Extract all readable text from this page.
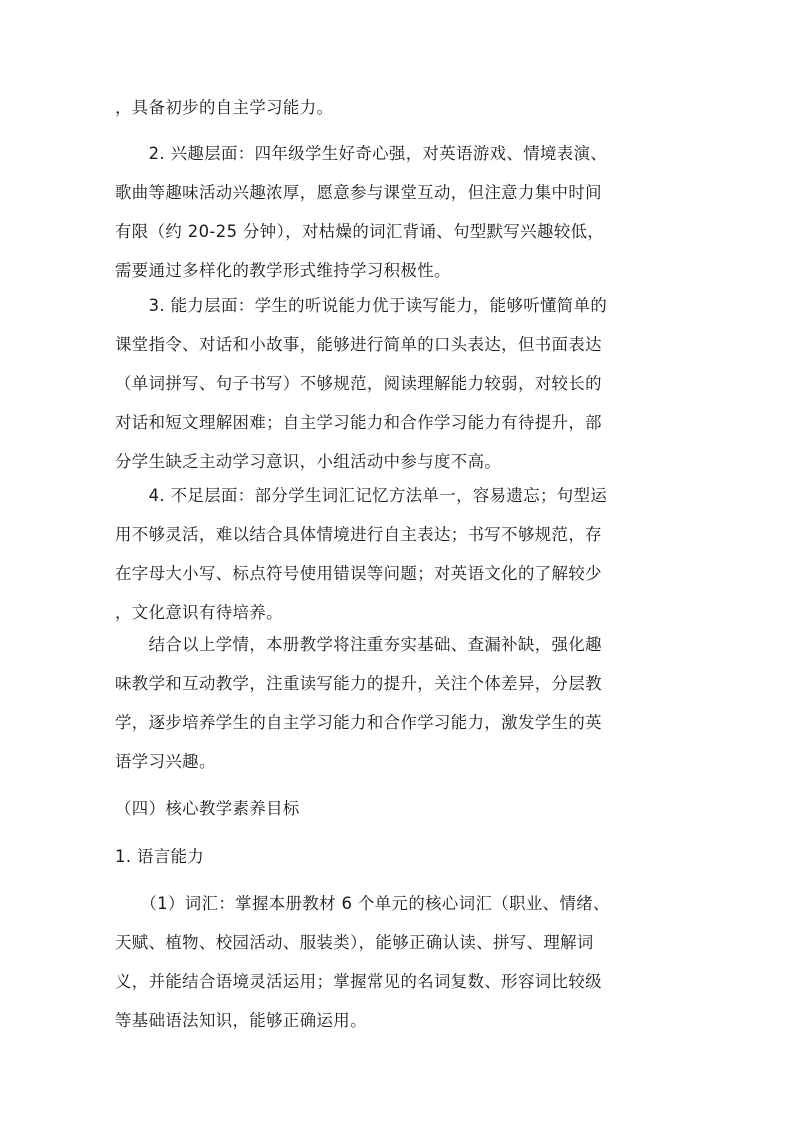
，具备初步的自主学习能力。
　　2. 兴趣层面：四年级学生好奇心强，对英语游戏、情境表演、
歌曲等趣味活动兴趣浓厚，愿意参与课堂互动，但注意力集中时间
有限（约 20-25 分钟），对枯燥的词汇背诵、句型默写兴趣较低，
需要通过多样化的教学形式维持学习积极性。
　　3. 能力层面：学生的听说能力优于读写能力，能够听懂简单的
课堂指令、对话和小故事，能够进行简单的口头表达，但书面表达
（单词拼写、句子书写）不够规范，阅读理解能力较弱，对较长的
对话和短文理解困难；自主学习能力和合作学习能力有待提升，部
分学生缺乏主动学习意识，小组活动中参与度不高。
　　4. 不足层面：部分学生词汇记忆方法单一，容易遗忘；句型运
用不够灵活，难以结合具体情境进行自主表达；书写不够规范，存
在字母大小写、标点符号使用错误等问题；对英语文化的了解较少
，文化意识有待培养。
　　结合以上学情，本册教学将注重夯实基础、查漏补缺，强化趣
味教学和互动教学，注重读写能力的提升，关注个体差异，分层教
学，逐步培养学生的自主学习能力和合作学习能力，激发学生的英
语学习兴趣。
（四）核心教学素养目标
1. 语言能力
　　（1）词汇：掌握本册教材 6 个单元的核心词汇（职业、情绪、
天赋、植物、校园活动、服装类），能够正确认读、拼写、理解词
义，并能结合语境灵活运用；掌握常见的名词复数、形容词比较级
等基础语法知识，能够正确运用。
